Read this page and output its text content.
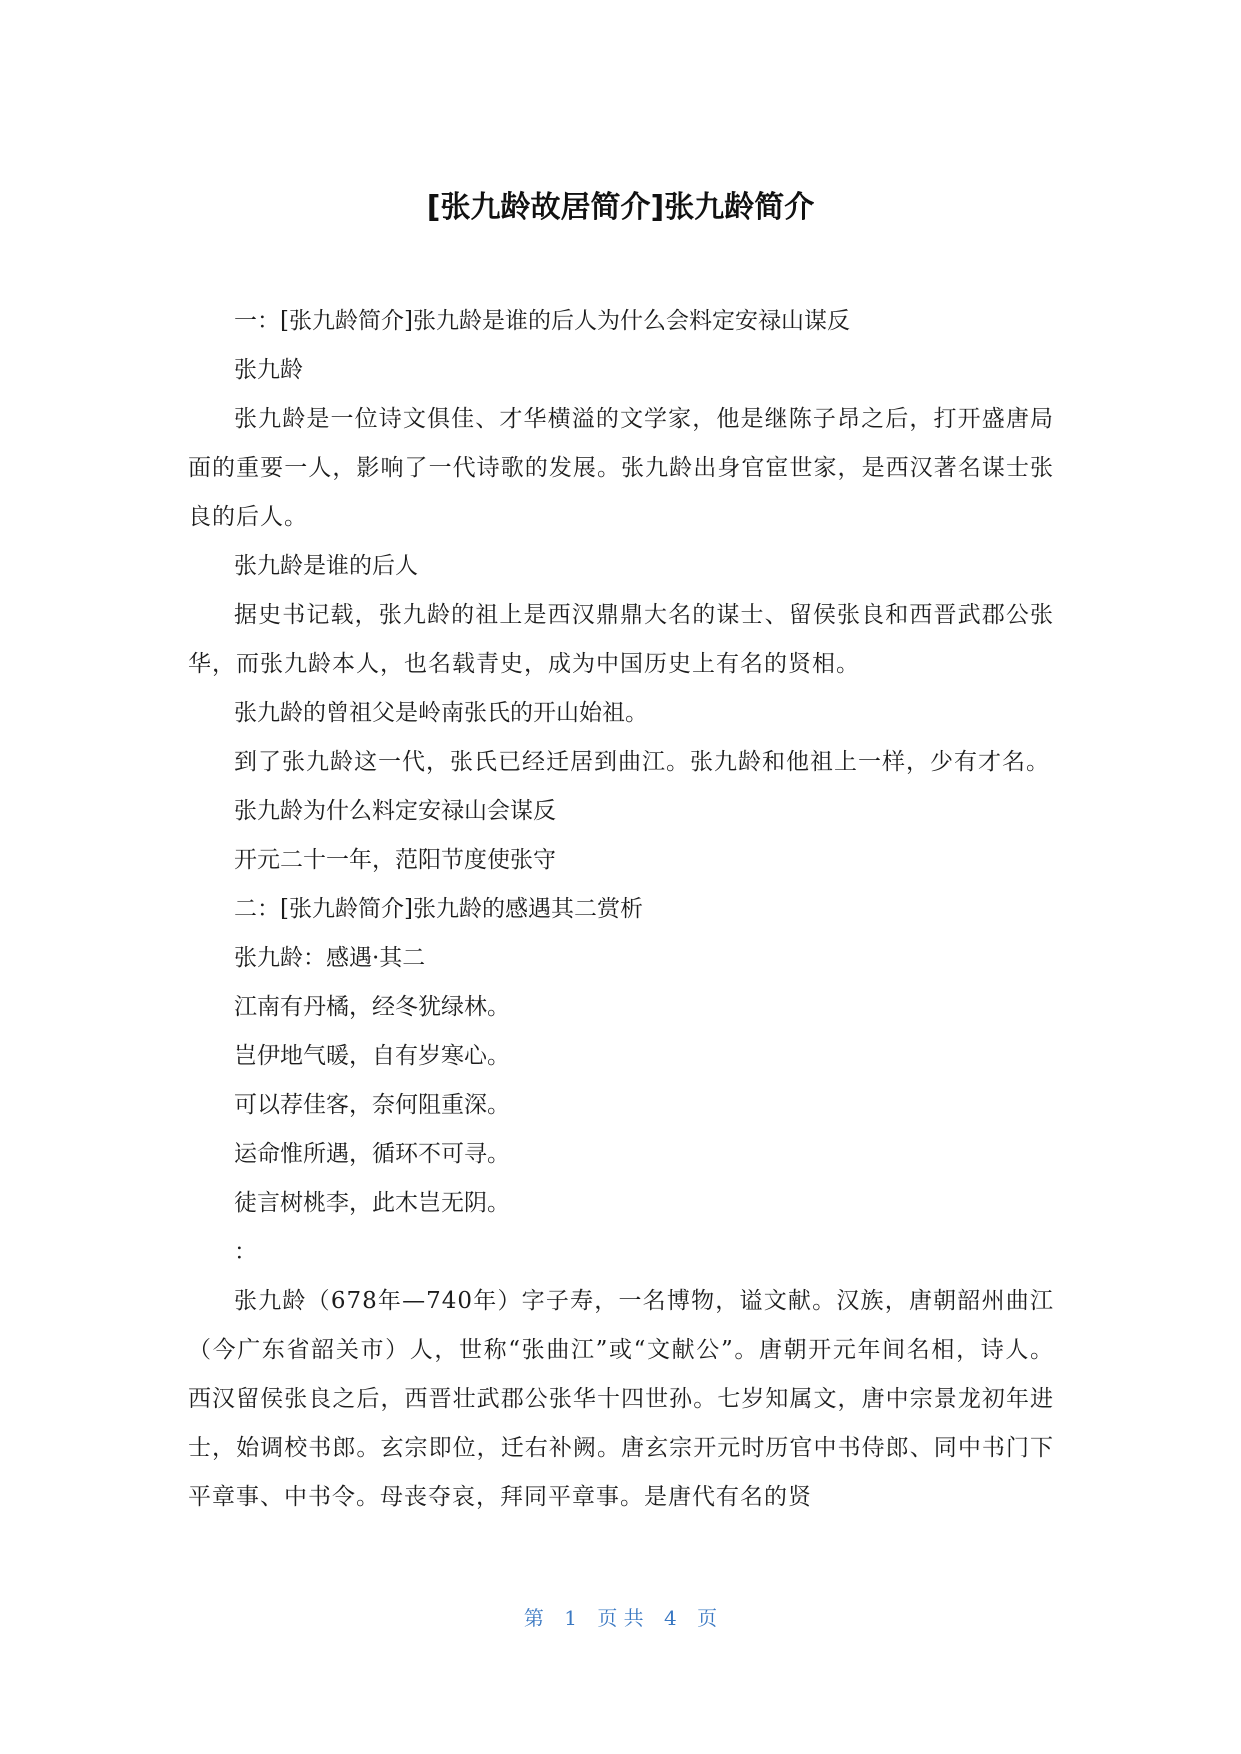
[张九龄故居简介]张九龄简介

一：[张九龄简介]张九龄是谁的后人为什么会料定安禄山谋反

张九龄

张九龄是一位诗文俱佳、才华横溢的文学家，他是继陈子昂之后，打开盛唐局面的重要一人，影响了一代诗歌的发展。张九龄出身官宦世家，是西汉著名谋士张良的后人。

张九龄是谁的后人

据史书记载，张九龄的祖上是西汉鼎鼎大名的谋士、留侯张良和西晋武郡公张华，而张九龄本人，也名载青史，成为中国历史上有名的贤相。

张九龄的曾祖父是岭南张氏的开山始祖。

到了张九龄这一代，张氏已经迁居到曲江。张九龄和他祖上一样，少有才名。

张九龄为什么料定安禄山会谋反

开元二十一年，范阳节度使张守

二：[张九龄简介]张九龄的感遇其二赏析

张九龄：感遇·其二

江南有丹橘，经冬犹绿林。

岂伊地气暖，自有岁寒心。

可以荐佳客，奈何阻重深。

运命惟所遇，循环不可寻。

徒言树桃李，此木岂无阴。

：

张九龄（678年—740年）字子寿，一名博物，谥文献。汉族，唐朝韶州曲江（今广东省韶关市）人，世称“张曲江”或“文献公”。唐朝开元年间名相，诗人。西汉留侯张良之后，西晋壮武郡公张华十四世孙。七岁知属文，唐中宗景龙初年进士，始调校书郎。玄宗即位，迁右补阙。唐玄宗开元时历官中书侍郎、同中书门下平章事、中书令。母丧夺哀，拜同平章事。是唐代有名的贤

第 1 页 共 4 页
